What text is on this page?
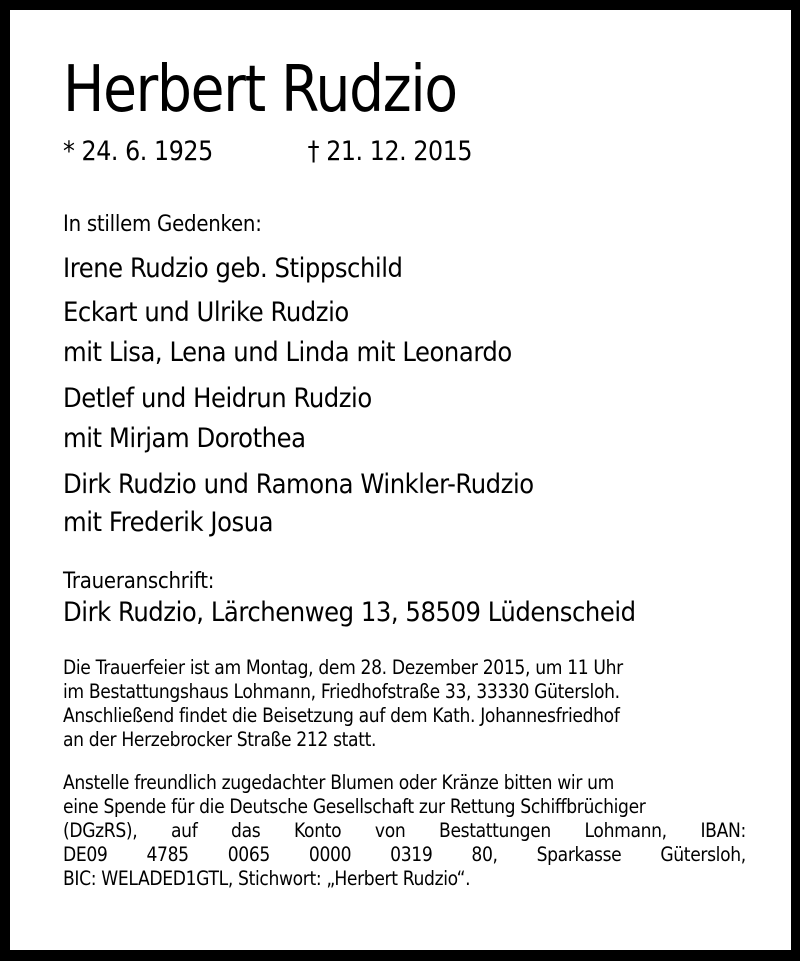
Herbert Rudzio
* 24. 6. 1925	† 21. 12. 2015
In stillem Gedenken:
Irene Rudzio geb. Stippschild
Eckart und Ulrike Rudzio
mit Lisa, Lena und Linda mit Leonardo
Detlef und Heidrun Rudzio
mit Mirjam Dorothea
Dirk Rudzio und Ramona Winkler-Rudzio
mit Frederik Josua
Traueranschrift:
Dirk Rudzio, Lärchenweg 13, 58509 Lüdenscheid
Die Trauerfeier ist am Montag, dem 28. Dezember 2015, um 11 Uhr
im Bestattungshaus Lohmann, Friedhofstraße 33, 33330 Gütersloh.
Anschließend findet die Beisetzung auf dem Kath. Johannesfriedhof
an der Herzebrocker Straße 212 statt.
Anstelle freundlich zugedachter Blumen oder Kränze bitten wir um
eine Spende für die Deutsche Gesellschaft zur Rettung Schiffbrüchiger
(DGzRS), auf das Konto von Bestattungen Lohmann, IBAN:
DE09 4785 0065 0000 0319 80, Sparkasse Gütersloh,
BIC: WELADED1GTL, Stichwort: „Herbert Rudzio“.
